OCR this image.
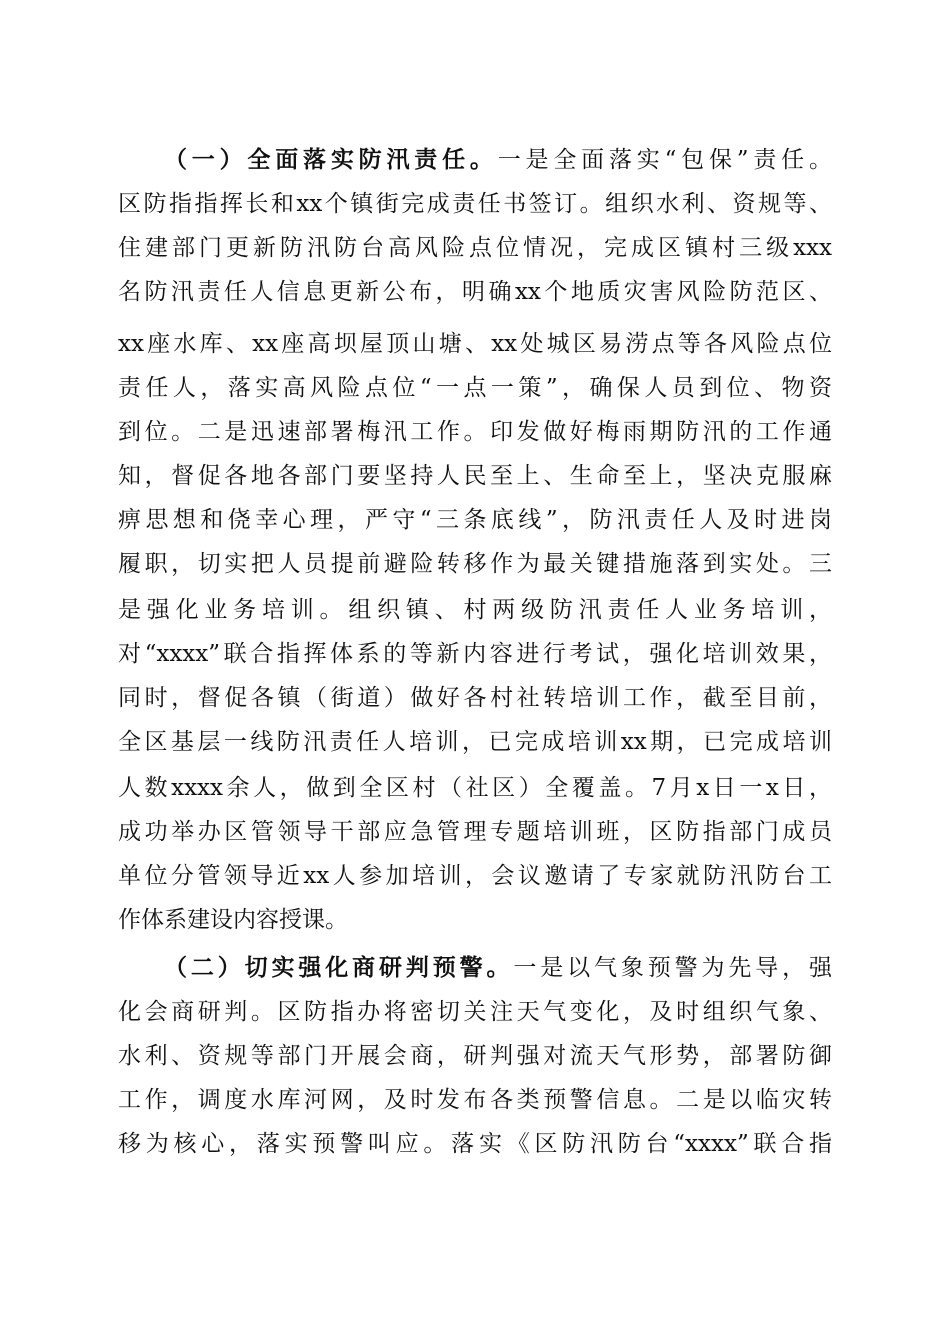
（一）全面落实防汛责任。一是全面落实“包保”责任。
区防指指挥长和xx个镇街完成责任书签订。组织水利、资规等、
住建部门更新防汛防台高风险点位情况，完成区镇村三级xxx
名防汛责任人信息更新公布，明确xx个地质灾害风险防范区、
xx座水库、xx座高坝屋顶山塘、xx处城区易涝点等各风险点位
责任人，落实高风险点位“一点一策”，确保人员到位、物资
到位。二是迅速部署梅汛工作。印发做好梅雨期防汛的工作通
知，督促各地各部门要坚持人民至上、生命至上，坚决克服麻
痹思想和侥幸心理，严守“三条底线”，防汛责任人及时进岗
履职，切实把人员提前避险转移作为最关键措施落到实处。三
是强化业务培训。组织镇、村两级防汛责任人业务培训，
对“xxxx”联合指挥体系的等新内容进行考试，强化培训效果，
同时，督促各镇（街道）做好各村社转培训工作，截至目前，
全区基层一线防汛责任人培训，已完成培训xx期，已完成培训
人数xxxx余人，做到全区村（社区）全覆盖。7月x日一x日，
成功举办区管领导干部应急管理专题培训班，区防指部门成员
单位分管领导近xx人参加培训，会议邀请了专家就防汛防台工
作体系建设内容授课。
（二）切实强化商研判预警。一是以气象预警为先导，强
化会商研判。区防指办将密切关注天气变化，及时组织气象、
水利、资规等部门开展会商，研判强对流天气形势，部署防御
工作，调度水库河网，及时发布各类预警信息。二是以临灾转
移为核心，落实预警叫应。落实《区防汛防台“xxxx”联合指
